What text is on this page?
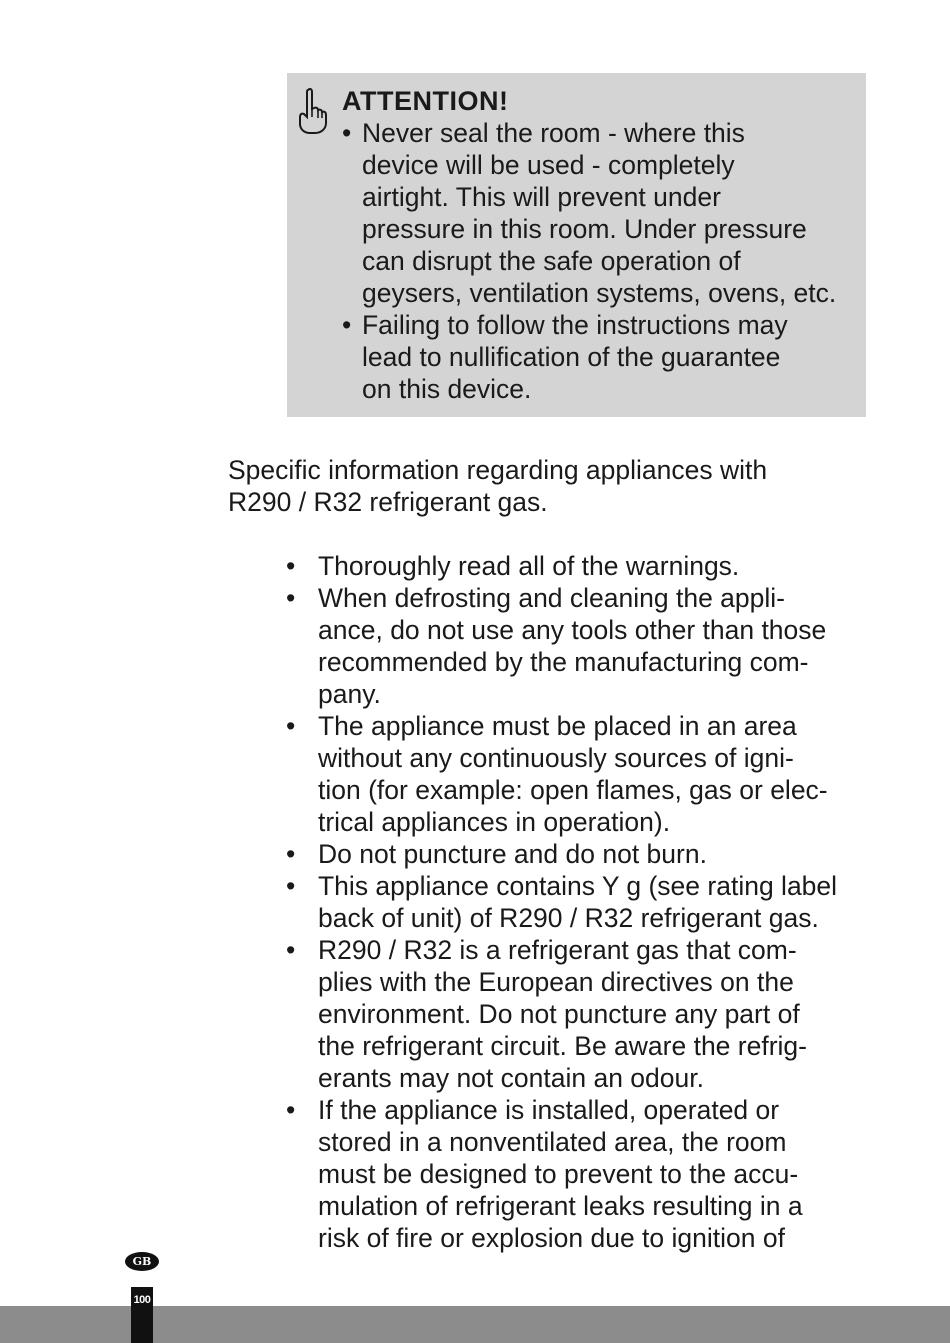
ATTENTION!
• Never seal the room - where this
device will be used - completely
airtight. This will prevent under
pressure in this room. Under pressure
can disrupt the safe operation of
geysers, ventilation systems, ovens, etc.
• Failing to follow the instructions may
lead to nullification of the guarantee
on this device.
Specific information regarding appliances with
R290 / R32 refrigerant gas.
• Thoroughly read all of the warnings.
• When defrosting and cleaning the appli-
ance, do not use any tools other than those
recommended by the manufacturing com-
pany.
• The appliance must be placed in an area
without any continuously sources of igni-
tion (for example: open flames, gas or elec-
trical appliances in operation).
• Do not puncture and do not burn.
• This appliance contains Y g (see rating label
back of unit) of R290 / R32 refrigerant gas.
• R290 / R32 is a refrigerant gas that com-
plies with the European directives on the
environment. Do not puncture any part of
the refrigerant circuit. Be aware the refrig-
erants may not contain an odour.
• If the appliance is installed, operated or
stored in a nonventilated area, the room
must be designed to prevent to the accu-
mulation of refrigerant leaks resulting in a
risk of fire or explosion due to ignition of
GB
100
